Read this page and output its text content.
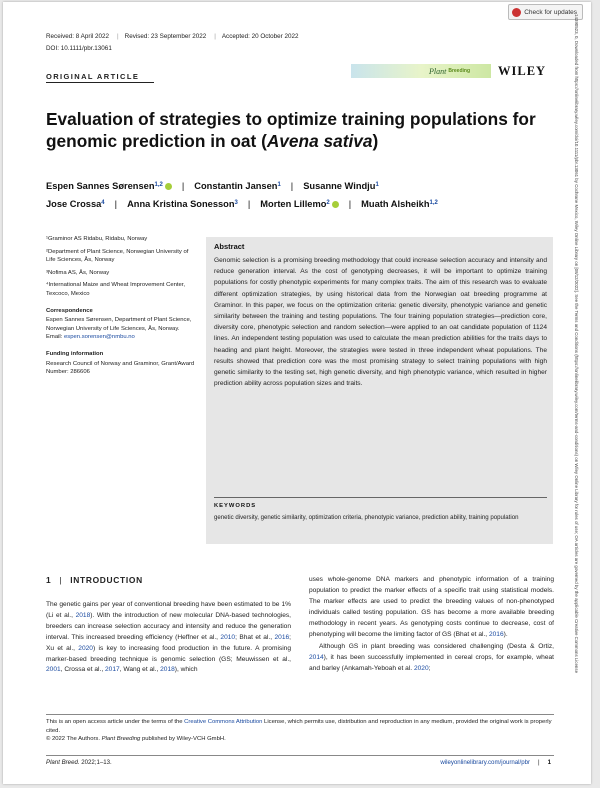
Check for updates
Received: 8 April 2022 | Revised: 23 September 2022 | Accepted: 20 October 2022
DOI: 10.1111/pbr.13061
ORIGINAL ARTICLE
Plant Breeding WILEY
Evaluation of strategies to optimize training populations for genomic prediction in oat (Avena sativa)
Espen Sannes Sørensen$^{1,2}$ | Constantin Jansen$^1$ | Susanne Windju$^1$
Jose Crossa$^4$ | Anna Kristina Sonesson$^3$ | Morten Lillemo$^2$ | Muath Alsheikh$^{1,2}$

¹Graminor AS Ridabu, Ridabu, Norway

²Department of Plant Science, Norwegian University of Life Sciences, Ås, Norway

³Nofima AS, Ås, Norway

⁴International Maize and Wheat Improvement Center, Texcoco, Mexico

Correspondence

Espen Sannes Sørensen, Department of Plant Science, Norwegian University of Life Sciences, Ås, Norway.

Email: espen.sorensen@nmbu.no

Funding information

Research Council of Norway and Graminor, Grant/Award Number: 286606

Abstract
Genomic selection is a promising breeding methodology that could increase selection accuracy and intensity and reduce generation interval. As the cost of genotyping decreases, it will be important to optimize training populations for costly phenotypic experiments for many complex traits. The aim of this research was to evaluate different optimization strategies, by using historical data from the Norwegian oat breeding programme at Graminor. In this paper, we focus on the optimization criteria: genetic diversity, phenotypic variance and genetic similarity between the training and testing populations. The four training population strategies—prediction core, diversity core, phenotypic selection and random selection—were applied to an oat candidate population of 1124 lines. An independent testing population was used to calculate the mean prediction abilities for the traits days to heading and plant height. Moreover, the strategies were tested in three independent wheat populations. The results showed that prediction core was the most promising strategy to select training populations with high genetic similarity to the testing set, high genetic diversity, and high phenotypic variance, which resulted in higher prediction ability across population sizes and traits.
KEYWORDS
genetic diversity, genetic similarity, optimization criteria, phenotypic variance, prediction ability, training population
1 | INTRODUCTION
The genetic gains per year of conventional breeding have been estimated to be 1% (Li et al., 2018). With the introduction of new molecular DNA-based technologies, breeders can increase selection accuracy and intensity and reduce the generation interval. This increased breeding efficiency (Heffner et al., 2010; Bhat et al., 2016; Xu et al., 2020) is key to increasing food production in the future. A promising marker-based breeding technique is genomic selection (GS; Meuwissen et al., 2001, Crossa et al., 2017, Wang et al., 2018), which
uses whole-genome DNA markers and phenotypic information of a training population to predict the marker effects of a specific trait using statistical models. The marker effects are used to predict the breeding values of non-phenotyped individuals called testing population. GS has become a more available breeding methodology in recent years. As genotyping costs continue to decrease, cost of phenotyping will become the limiting factor of GS (Bhat et al., 2016).
Although GS in plant breeding was considered challenging (Desta & Ortiz, 2014), it has been successfully implemented in cereal crops, for example, wheat and barley (Ankamah-Yeboah et al. 2020;
This is an open access article under the terms of the Creative Commons Attribution License, which permits use, distribution and reproduction in any medium, provided the original work is properly cited.
© 2022 The Authors. Plant Breeding published by Wiley-VCH GmbH.
Plant Breed. 2022;1–13.	wileyonlinelibrary.com/journal/pbr | 1
14390523, 0, Downloaded from https://onlinelibrary.wiley.com/doi/10.1111/pbr.13061 by Cochrane Mexico, Wiley Online Library on [08/12/2022]. See the Terms and Conditions (https://onlinelibrary.wiley.com/terms-and-conditions) on Wiley Online Library for rules of use; OA articles are governed by the applicable Creative Commons License
